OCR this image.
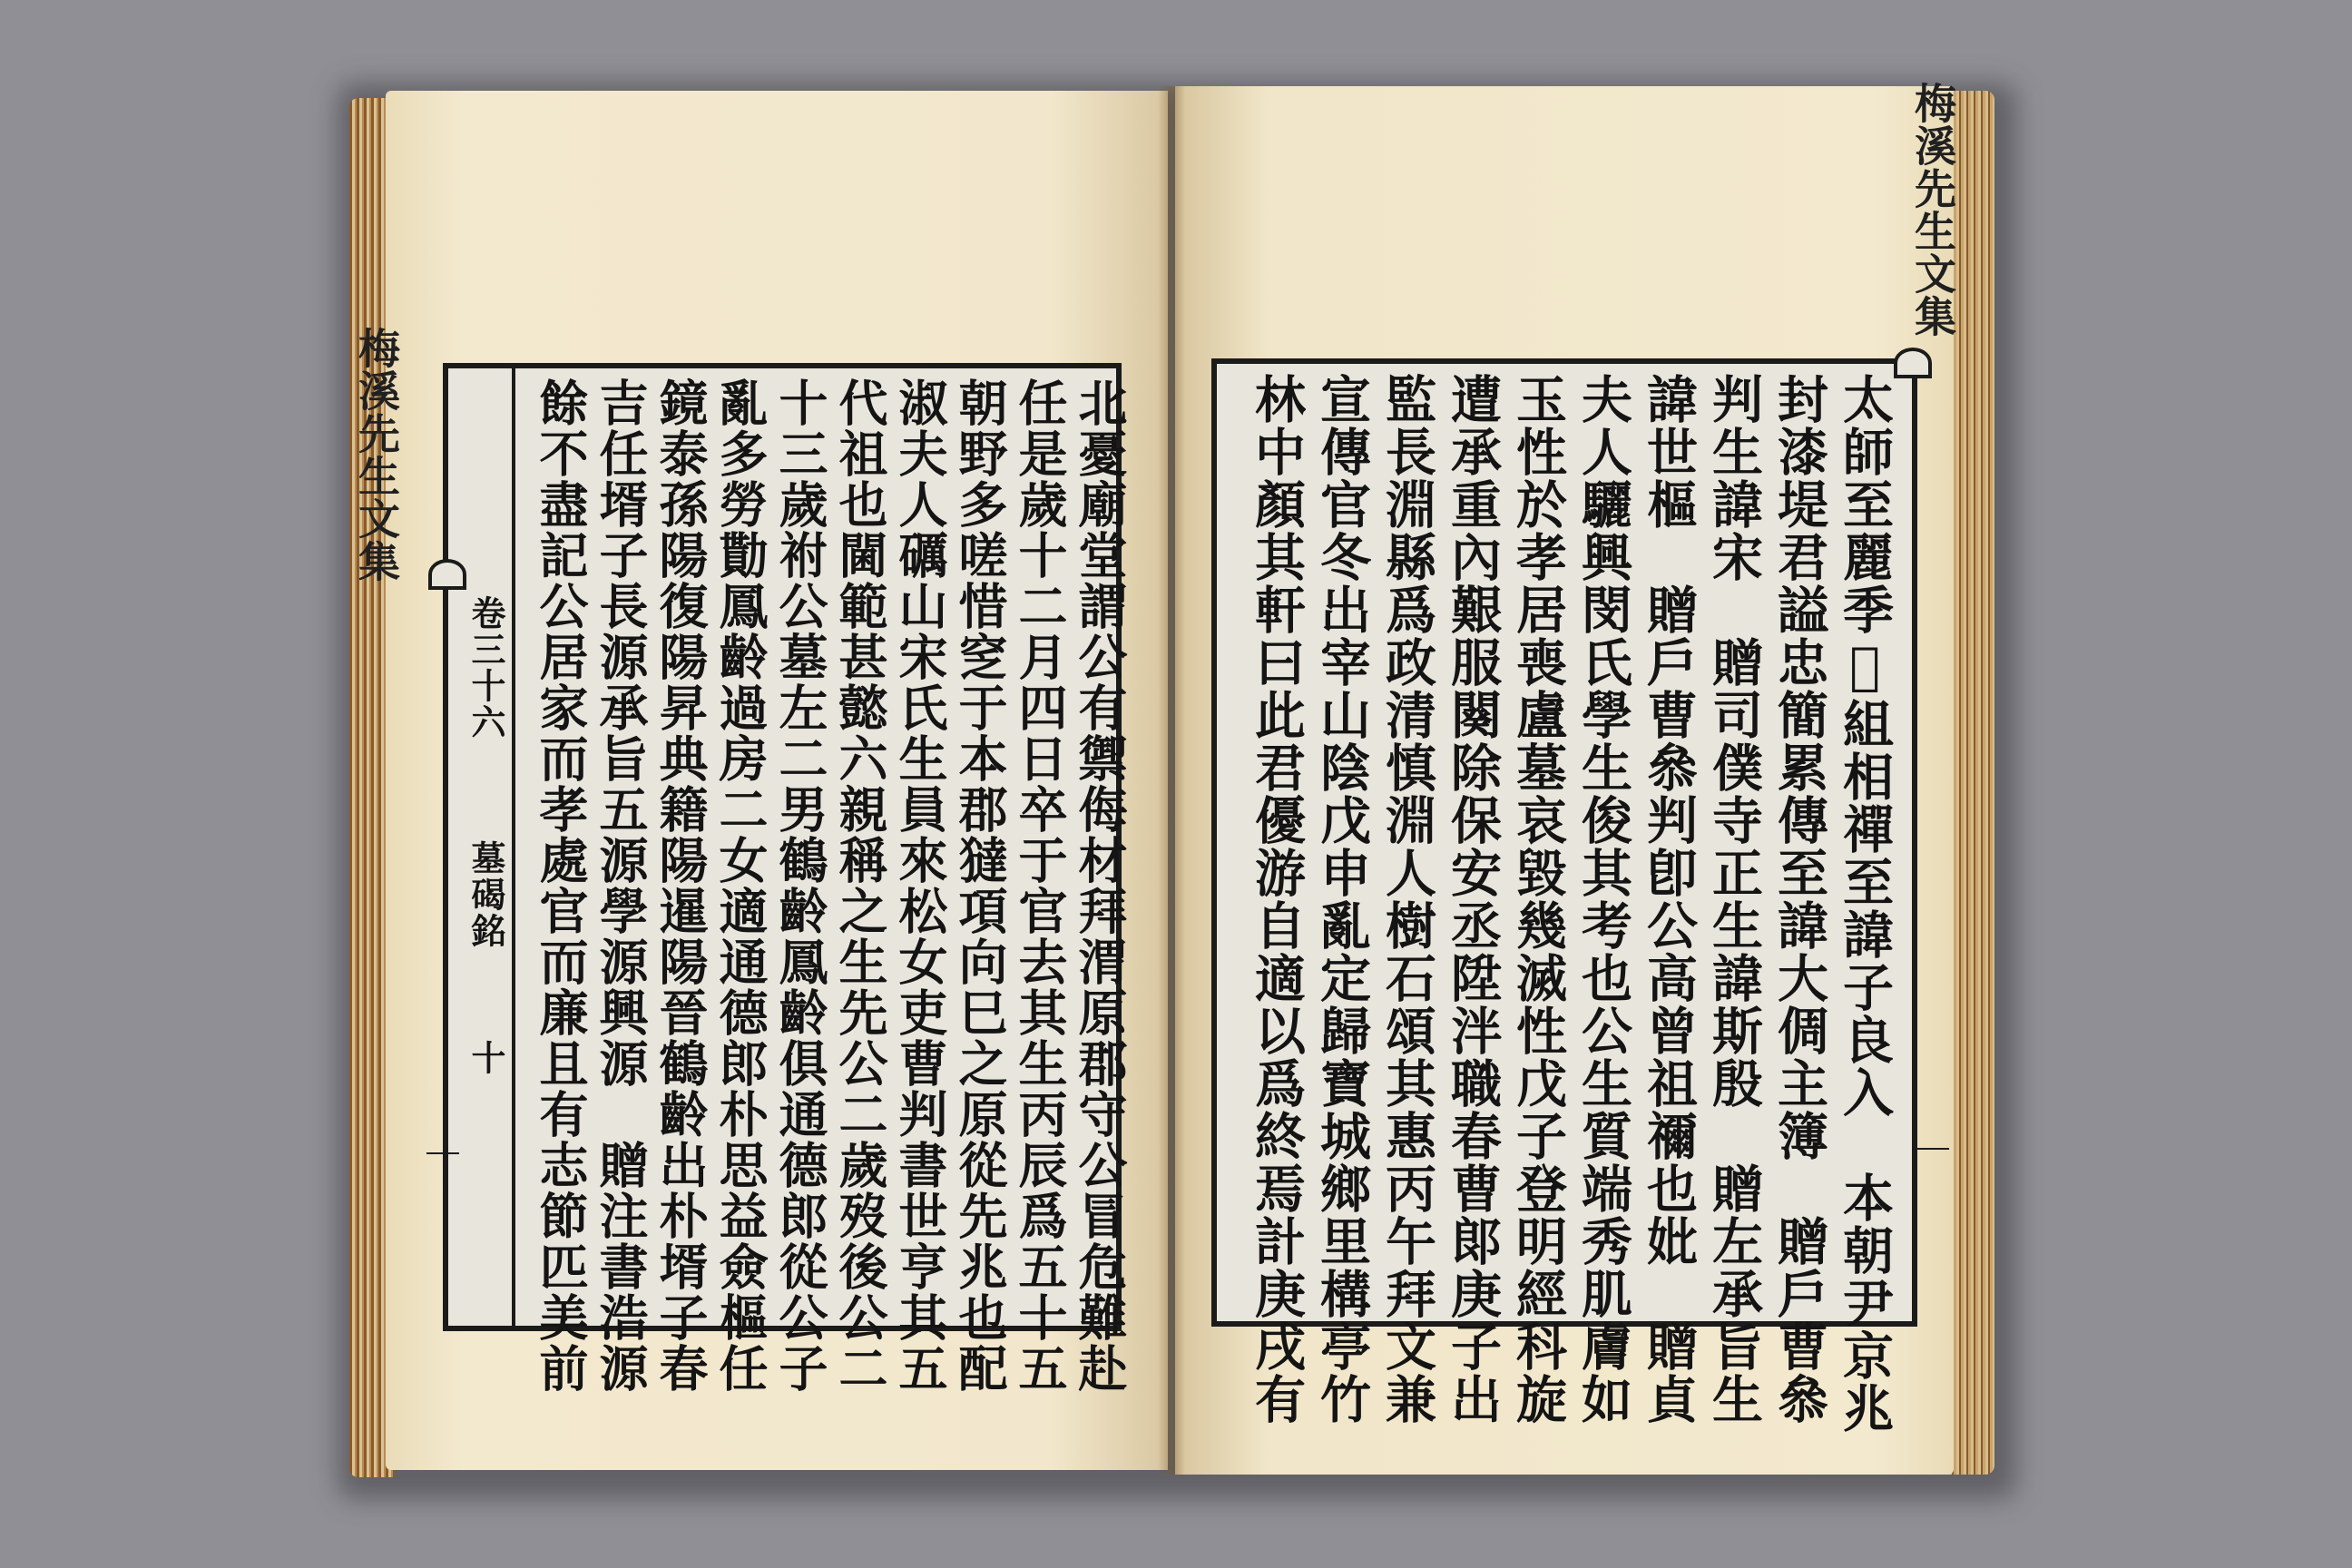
梅溪先生文集
梅溪先生文集
卷三十六
墓碣銘
十	北憂廟堂謂公有禦侮材拜渭原郡守公冒危難赴
任是歲十二月四日卒于官去其生丙辰爲五十五
朝野多嗟惜窆于本郡㺚項向巳之原從先兆也配
淑夫人礪山宋氏生員來松女吏曹判書世亨其五
代祖也閫範甚懿六親稱之生先公二歲歿後公二
十三歲祔公墓左二男鶴齡鳳齡俱通德郎從公子
亂多勞勩鳳齡過房二女適通德郎朴思益僉樞任
鏡泰孫陽復陽昇典籍陽暹陽晉鶴齡出朴壻子春
吉任壻子長源承旨五源學源興源　贈注書浩源
餘不盡記公居家而孝處官而廉且有志節匹美前	太師至麗季𦒿組相禪至諱子良入　本朝尹京兆
封漆堤君謚忠簡累傳至諱大倜主簿　贈戶曹叅
判生諱宋　贈司僕寺正生諱斯殷　贈左承旨生
諱世樞　贈戶曹叅判卽公高曾祖禰也妣　贈貞
夫人驪興閔氏學生俊其考也公生質端秀肌膚如
玉性於孝居喪盧墓哀毀幾滅性戊子登明經科旋
遭承重內艱服闋除保安丞陞泮職春曹郞庚子出
監長淵縣爲政清慎淵人樹石頌其惠丙午拜文兼
宣傳官冬出宰山陰戊申亂定歸寶城鄉里構亭竹
林中顏其軒曰此君優游自適以爲終焉計庚戌有
